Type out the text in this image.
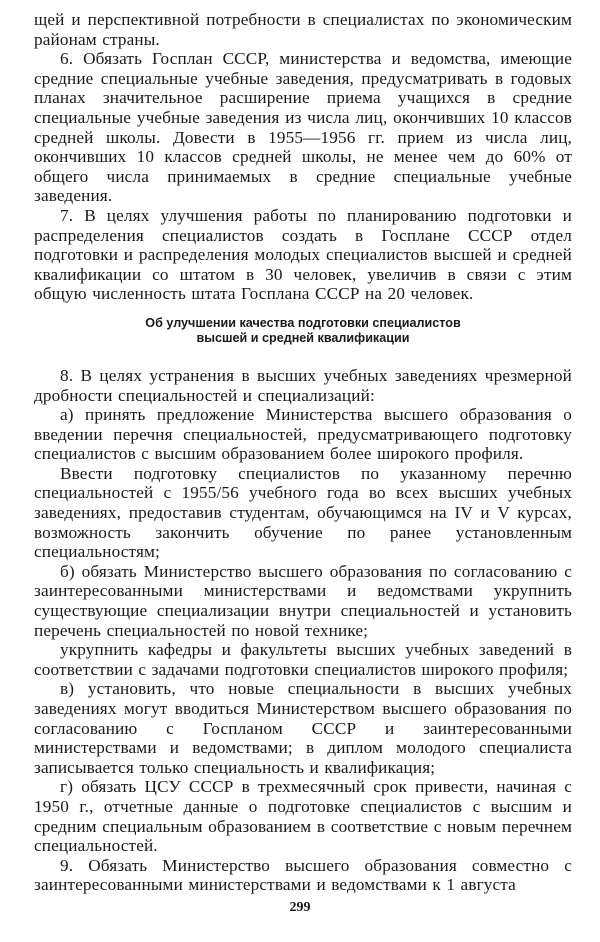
щей и перспективной потребности в специалистах по экономическим районам страны.

6. Обязать Госплан СССР, министерства и ведомства, имеющие средние специальные учебные заведения, предусматривать в годовых планах значительное расширение приема учащихся в средние специальные учебные заведения из числа лиц, окончивших 10 классов средней школы. Довести в 1955—1956 гг. прием из числа лиц, окончивших 10 классов средней школы, не менее чем до 60% от общего числа принимаемых в средние специальные учебные заведения.

7. В целях улучшения работы по планированию подготовки и распределения специалистов создать в Госплане СССР отдел подготовки и распределения молодых специалистов высшей и средней квалификации со штатом в 30 человек, увеличив в связи с этим общую численность штата Госплана СССР на 20 человек.

Об улучшении качества подготовки специалистов
высшей и средней квалификации

8. В целях устранения в высших учебных заведениях чрезмерной дробности специальностей и специализаций:

а) принять предложение Министерства высшего образования о введении перечня специальностей, предусматривающего подготовку специалистов с высшим образованием более широкого профиля.

Ввести подготовку специалистов по указанному перечню специальностей с 1955/56 учебного года во всех высших учебных заведениях, предоставив студентам, обучающимся на IV и V курсах, возможность закончить обучение по ранее установленным специальностям;

б) обязать Министерство высшего образования по согласованию с заинтересованными министерствами и ведомствами укрупнить существующие специализации внутри специальностей и установить перечень специальностей по новой технике;

укрупнить кафедры и факультеты высших учебных заведений в соответствии с задачами подготовки специалистов широкого профиля;

в) установить, что новые специальности в высших учебных заведениях могут вводиться Министерством высшего образования по согласованию с Госпланом СССР и заинтересованными министерствами и ведомствами; в диплом молодого специалиста записывается только специальность и квалификация;

г) обязать ЦСУ СССР в трехмесячный срок привести, начиная с 1950 г., отчетные данные о подготовке специалистов с высшим и средним специальным образованием в соответствие с новым перечнем специальностей.

9. Обязать Министерство высшего образования совместно с заинтересованными министерствами и ведомствами к 1 августа

299
